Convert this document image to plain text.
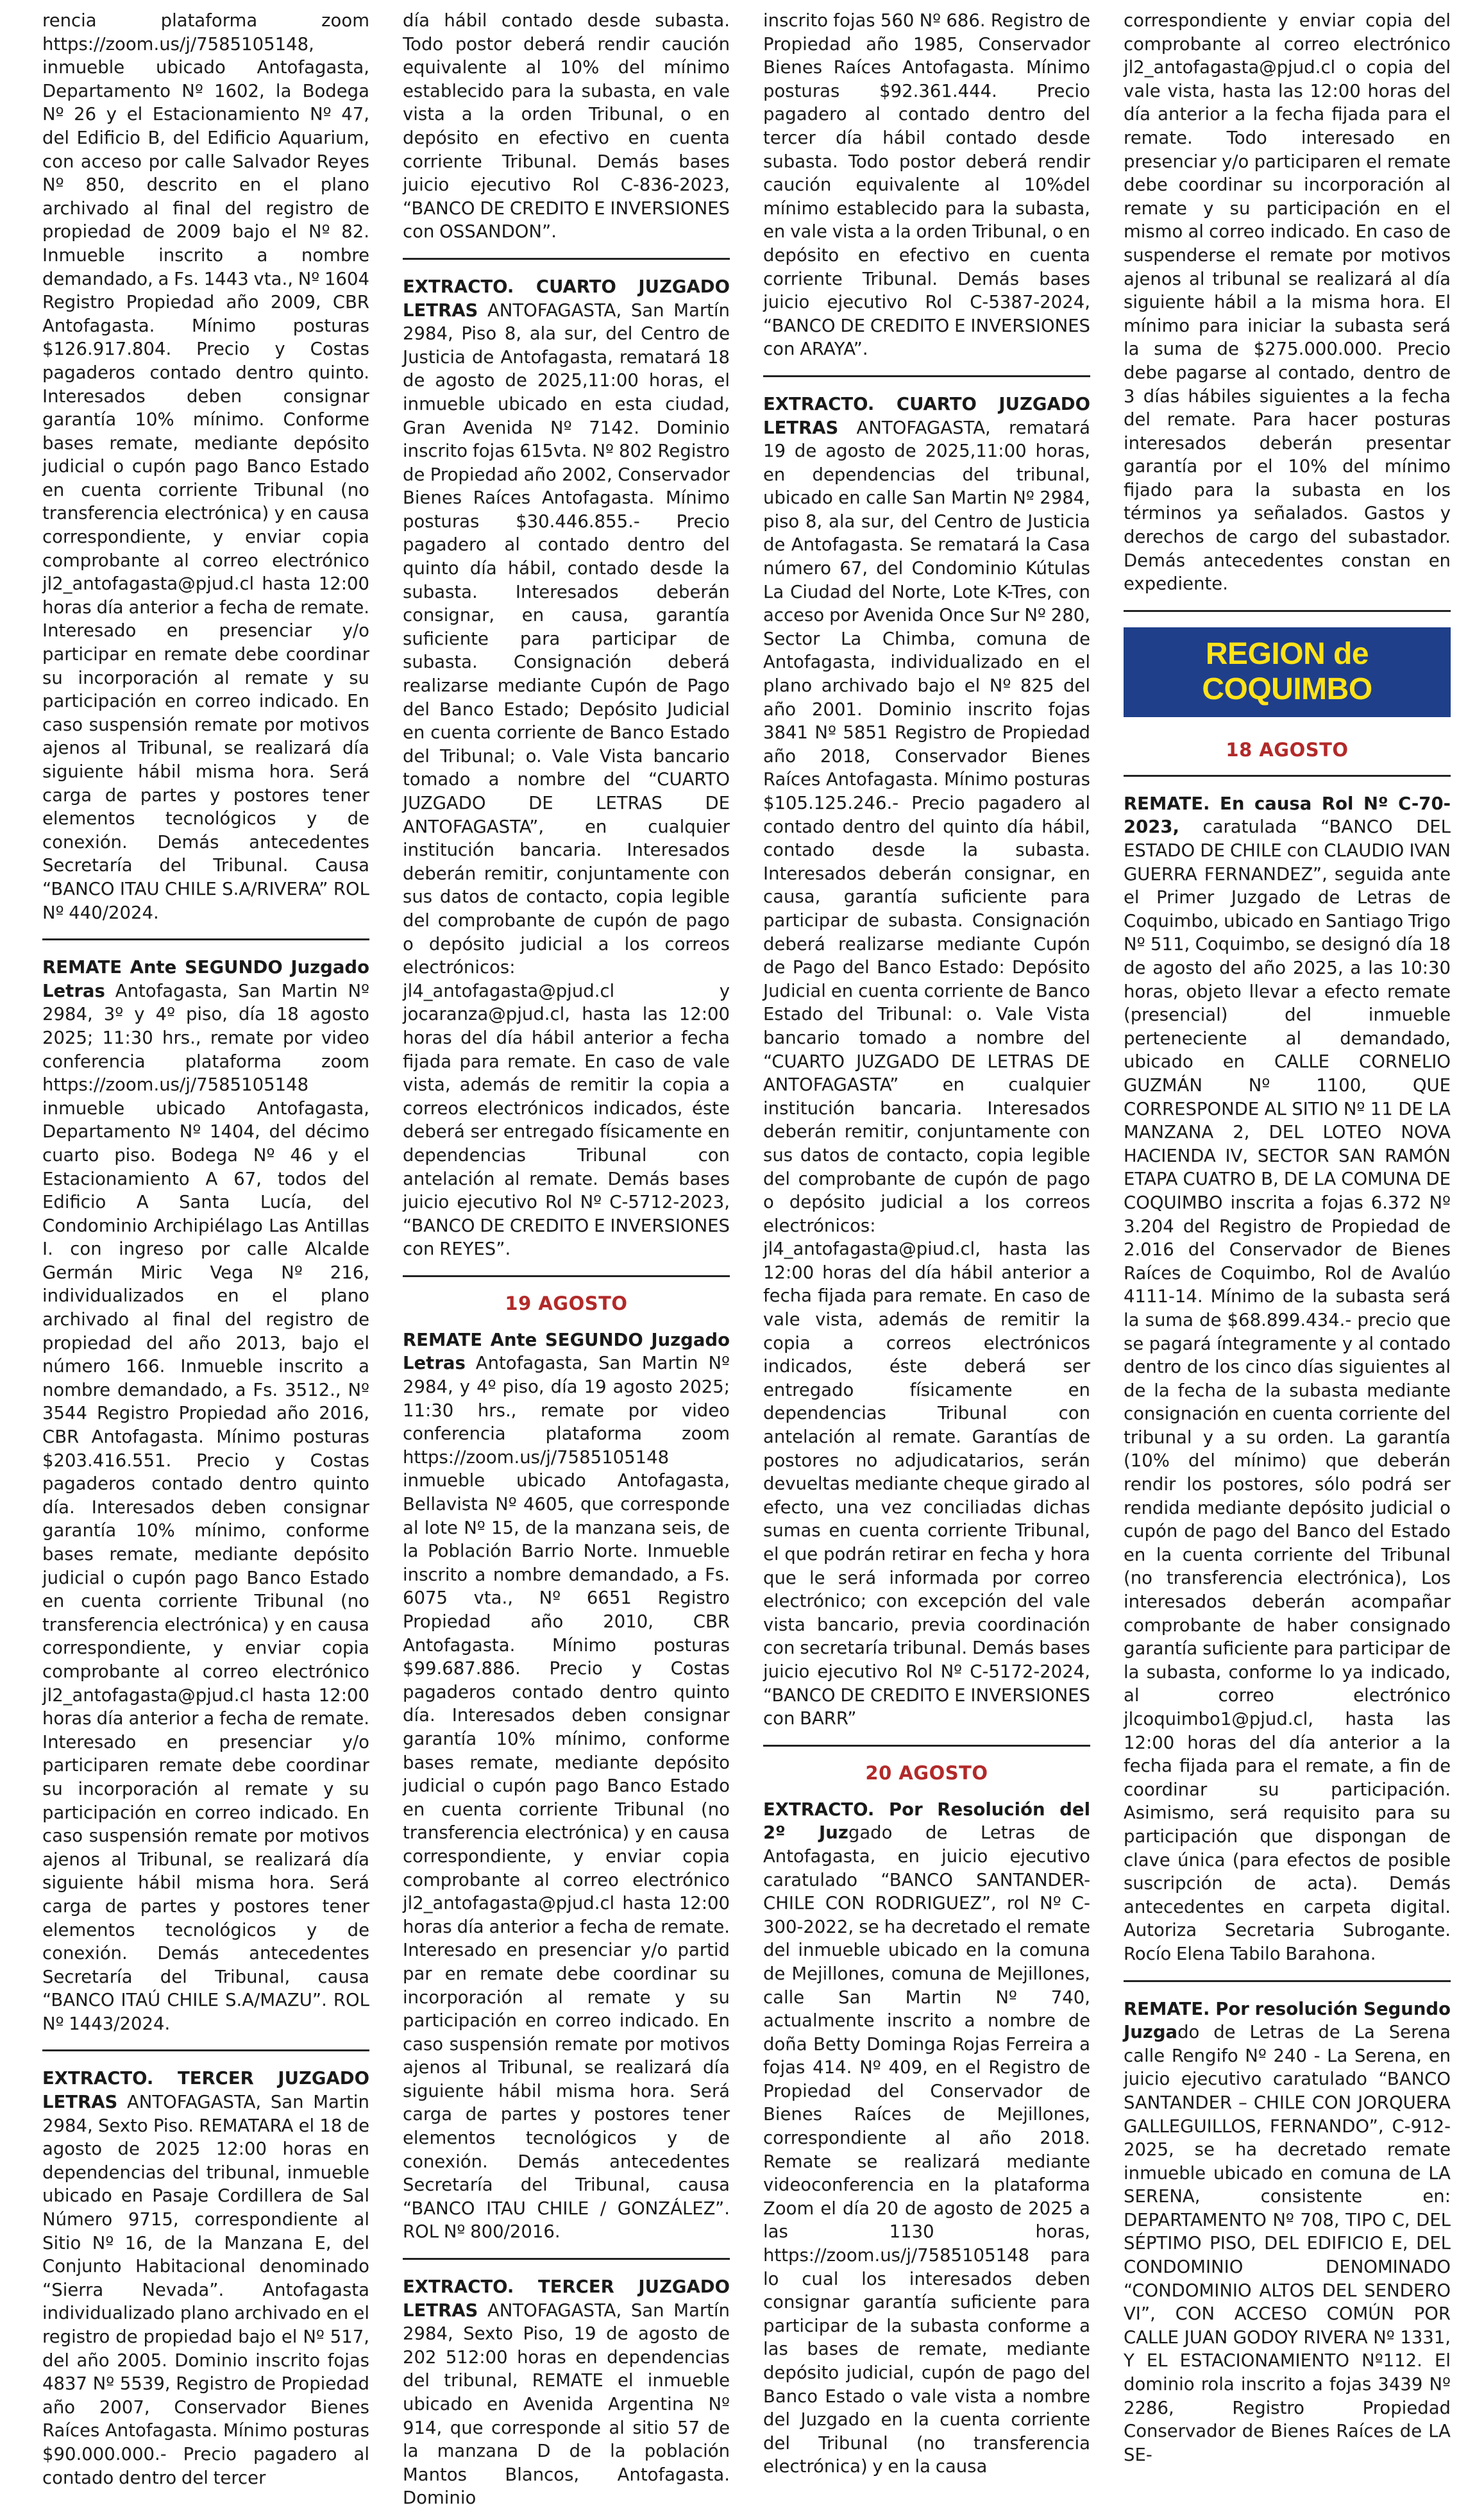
rencia plataforma zoom https://zoom.us/j/7585105148, inmueble ubicado Antofagasta, Departamento Nº 1602, la Bodega Nº 26 y el Estacionamiento Nº 47, del Edificio B, del Edificio Aquarium, con acceso por calle Salvador Reyes Nº 850, descrito en el plano archivado al final del registro de propiedad de 2009 bajo el Nº 82. Inmueble inscrito a nombre demandado, a Fs. 1443 vta., Nº 1604 Registro Propiedad año 2009, CBR Antofagasta. Mínimo posturas $126.917.804. Precio y Costas pagaderos contado dentro quinto. Interesados deben consignar garantía 10% mínimo. Conforme bases remate, mediante depósito judicial o cupón pago Banco Estado en cuenta corriente Tribunal (no transferencia electrónica) y en causa correspondiente, y enviar copia comprobante al correo electrónico jl2_antofagasta@pjud.cl hasta 12:00 horas día anterior a fecha de remate. Interesado en presenciar y/o participar en remate debe coordinar su incorporación al remate y su participación en correo indicado. En caso suspensión remate por motivos ajenos al Tribunal, se realizará día siguiente hábil misma hora. Será carga de partes y postores tener elementos tecnológicos y de conexión. Demás antecedentes Secretaría del Tribunal. Causa “BANCO ITAU CHILE S.A/RIVERA” ROL Nº 440/2024.

REMATE Ante SEGUNDO Juzgado Letras Antofagasta, San Martin Nº 2984, 3º y 4º piso, día 18 agosto 2025; 11:30 hrs., remate por video conferencia plataforma zoom https://zoom.us/j/7585105148 inmueble ubicado Antofagasta, Departamento Nº 1404, del décimo cuarto piso. Bodega Nº 46 y el Estacionamiento A 67, todos del Edificio A Santa Lucía, del Condominio Archipiélago Las Antillas I. con ingreso por calle Alcalde Germán Miric Vega Nº 216, individualizados en el plano archivado al final del registro de propiedad del año 2013, bajo el número 166. Inmueble inscrito a nombre demandado, a Fs. 3512., Nº 3544 Registro Propiedad año 2016, CBR Antofagasta. Mínimo posturas $203.416.551. Precio y Costas pagaderos contado dentro quinto día. Interesados deben consignar garantía 10% mínimo, conforme bases remate, mediante depósito judicial o cupón pago Banco Estado en cuenta corriente Tribunal (no transferencia electrónica) y en causa correspondiente, y enviar copia comprobante al correo electrónico jl2_antofagasta@pjud.cl hasta 12:00 horas día anterior a fecha de remate. Interesado en presenciar y/o participaren remate debe coordinar su incorporación al remate y su participación en correo indicado. En caso suspensión remate por motivos ajenos al Tribunal, se realizará día siguiente hábil misma hora. Será carga de partes y postores tener elementos tecnológicos y de conexión. Demás antecedentes Secretaría del Tribunal, causa “BANCO ITAÚ CHILE S.A/MAZU”. ROL Nº 1443/2024.

EXTRACTO. TERCER JUZGADO LETRAS ANTOFAGASTA, San Martin 2984, Sexto Piso. REMATARA el 18 de agosto de 2025 12:00 horas en dependencias del tribunal, inmueble ubicado en Pasaje Cordillera de Sal Número 9715, correspondiente al Sitio Nº 16, de la Manzana E, del Conjunto Habitacional denominado “Sierra Nevada”. Antofagasta individualizado plano archivado en el registro de propiedad bajo el Nº 517, del año 2005. Dominio inscrito fojas 4837 Nº 5539, Registro de Propiedad año 2007, Conservador Bienes Raíces Antofagasta. Mínimo posturas $90.000.000.- Precio pagadero al contado dentro del tercer

día hábil contado desde subasta. Todo postor deberá rendir caución equivalente al 10% del mínimo establecido para la subasta, en vale vista a la orden Tribunal, o en depósito en efectivo en cuenta corriente Tribunal. Demás bases juicio ejecutivo Rol C-836-2023, “BANCO DE CREDITO E INVERSIONES con OSSANDON”.

EXTRACTO. CUARTO JUZGADO LETRAS ANTOFAGASTA, San Martín 2984, Piso 8, ala sur, del Centro de Justicia de Antofagasta, rematará 18 de agosto de 2025,11:00 horas, el inmueble ubicado en esta ciudad, Gran Avenida Nº 7142. Dominio inscrito fojas 615vta. Nº 802 Registro de Propiedad año 2002, Conservador Bienes Raíces Antofagasta. Mínimo posturas $30.446.855.- Precio pagadero al contado dentro del quinto día hábil, contado desde la subasta. Interesados deberán consignar, en causa, garantía suficiente para participar de subasta. Consignación deberá realizarse mediante Cupón de Pago del Banco Estado; Depósito Judicial en cuenta corriente de Banco Estado del Tribunal; o. Vale Vista bancario tomado a nombre del “CUARTO JUZGADO DE LETRAS DE ANTOFAGASTA”, en cualquier institución bancaria. Interesados deberán remitir, conjuntamente con sus datos de contacto, copia legible del comprobante de cupón de pago o depósito judicial a los correos electrónicos: jl4_antofagasta@pjud.cl y jocaranza@pjud.cl, hasta las 12:00 horas del día hábil anterior a fecha fijada para remate. En caso de vale vista, además de remitir la copia a correos electrónicos indicados, éste deberá ser entregado físicamente en dependencias Tribunal con antelación al remate. Demás bases juicio ejecutivo Rol Nº C-5712-2023, “BANCO DE CREDITO E INVERSIONES con REYES”.

19 AGOSTO

REMATE Ante SEGUNDO Juzgado Letras Antofagasta, San Martin Nº 2984, y 4º piso, día 19 agosto 2025; 11:30 hrs., remate por video conferencia plataforma zoom https://zoom.us/j/7585105148 inmueble ubicado Antofagasta, Bellavista Nº 4605, que corresponde al lote Nº 15, de la manzana seis, de la Población Barrio Norte. Inmueble inscrito a nombre demandado, a Fs. 6075 vta., Nº 6651 Registro Propiedad año 2010, CBR Antofagasta. Mínimo posturas $99.687.886. Precio y Costas pagaderos contado dentro quinto día. Interesados deben consignar garantía 10% mínimo, conforme bases remate, mediante depósito judicial o cupón pago Banco Estado en cuenta corriente Tribunal (no transferencia electrónica) y en causa correspondiente, y enviar copia comprobante al correo electrónico jl2_antofagasta@pjud.cl hasta 12:00 horas día anterior a fecha de remate. Interesado en presenciar y/o partid par en remate debe coordinar su incorporación al remate y su participación en correo indicado. En caso suspensión remate por motivos ajenos al Tribunal, se realizará día siguiente hábil misma hora. Será carga de partes y postores tener elementos tecnológicos y de conexión. Demás antecedentes Secretaría del Tribunal, causa “BANCO ITAU CHILE / GONZÁLEZ”. ROL Nº 800/2016.

EXTRACTO. TERCER JUZGADO LETRAS ANTOFAGASTA, San Martín 2984, Sexto Piso, 19 de agosto de 202 512:00 horas en dependencias del tribunal, REMATE el inmueble ubicado en Avenida Argentina Nº 914, que corresponde al sitio 57 de la manzana D de la población Mantos Blancos, Antofagasta. Dominio

inscrito fojas 560 Nº 686. Registro de Propiedad año 1985, Conservador Bienes Raíces Antofagasta. Mínimo posturas $92.361.444. Precio pagadero al contado dentro del tercer día hábil contado desde subasta. Todo postor deberá rendir caución equivalente al 10%del mínimo establecido para la subasta, en vale vista a la orden Tribunal, o en depósito en efectivo en cuenta corriente Tribunal. Demás bases juicio ejecutivo Rol C-5387-2024, “BANCO DE CREDITO E INVERSIONES con ARAYA”.

EXTRACTO. CUARTO JUZGADO LETRAS ANTOFAGASTA, rematará 19 de agosto de 2025,11:00 horas, en dependencias del tribunal, ubicado en calle San Martin Nº 2984, piso 8, ala sur, del Centro de Justicia de Antofagasta. Se rematará la Casa número 67, del Condominio Kútulas La Ciudad del Norte, Lote K-Tres, con acceso por Avenida Once Sur Nº 280, Sector La Chimba, comuna de Antofagasta, individualizado en el plano archivado bajo el Nº 825 del año 2001. Dominio inscrito fojas 3841 Nº 5851 Registro de Propiedad año 2018, Conservador Bienes Raíces Antofagasta. Mínimo posturas $105.125.246.- Precio pagadero al contado dentro del quinto día hábil, contado desde la subasta. Interesados deberán consignar, en causa, garantía suficiente para participar de subasta. Consignación deberá realizarse mediante Cupón de Pago del Banco Estado: Depósito Judicial en cuenta corriente de Banco Estado del Tribunal: o. Vale Vista bancario tomado a nombre del “CUARTO JUZGADO DE LETRAS DE ANTOFAGASTA” en cualquier institución bancaria. Interesados deberán remitir, conjuntamente con sus datos de contacto, copia legible del comprobante de cupón de pago o depósito judicial a los correos electrónicos: jl4_antofagasta@piud.cl, hasta las 12:00 horas del día hábil anterior a fecha fijada para remate. En caso de vale vista, además de remitir la copia a correos electrónicos indicados, éste deberá ser entregado físicamente en dependencias Tribunal con antelación al remate. Garantías de postores no adjudicatarios, serán devueltas mediante cheque girado al efecto, una vez conciliadas dichas sumas en cuenta corriente Tribunal, el que podrán retirar en fecha y hora que le será informada por correo electrónico; con excepción del vale vista bancario, previa coordinación con secretaría tribunal. Demás bases juicio ejecutivo Rol Nº C-5172-2024, “BANCO DE CREDITO E INVERSIONES con BARR”

20 AGOSTO

EXTRACTO. Por Resolución del 2º Juzgado de Letras de Antofagasta, en juicio ejecutivo caratulado “BANCO SANTANDER-CHILE CON RODRIGUEZ”, rol Nº C-300-2022, se ha decretado el remate del inmueble ubicado en la comuna de Mejillones, comuna de Mejillones, calle San Martin Nº 740, actualmente inscrito a nombre de doña Betty Dominga Rojas Ferreira a fojas 414. Nº 409, en el Registro de Propiedad del Conservador de Bienes Raíces de Mejillones, correspondiente al año 2018. Remate se realizará mediante videoconferencia en la plataforma Zoom el día 20 de agosto de 2025 a las 1130 horas, https://zoom.us/j/7585105148 para lo cual los interesados deben consignar garantía suficiente para participar de la subasta conforme a las bases de remate, mediante depósito judicial, cupón de pago del Banco Estado o vale vista a nombre del Juzgado en la cuenta corriente del Tribunal (no transferencia electrónica) y en la causa

correspondiente y enviar copia del comprobante al correo electrónico jl2_antofagasta@pjud.cl o copia del vale vista, hasta las 12:00 horas del día anterior a la fecha fijada para el remate. Todo interesado en presenciar y/o participaren el remate debe coordinar su incorporación al remate y su participación en el mismo al correo indicado. En caso de suspenderse el remate por motivos ajenos al tribunal se realizará al día siguiente hábil a la misma hora. El mínimo para iniciar la subasta será la suma de $275.000.000. Precio debe pagarse al contado, dentro de 3 días hábiles siguientes a la fecha del remate. Para hacer posturas interesados deberán presentar garantía por el 10% del mínimo fijado para la subasta en los términos ya señalados. Gastos y derechos de cargo del subastador. Demás antecedentes constan en expediente.

REGION de COQUIMBO
18 AGOSTO

REMATE. En causa Rol Nº C-70-2023, caratulada “BANCO DEL ESTADO DE CHILE con CLAUDIO IVAN GUERRA FERNANDEZ”, seguida ante el Primer Juzgado de Letras de Coquimbo, ubicado en Santiago Trigo Nº 511, Coquimbo, se designó día 18 de agosto del año 2025, a las 10:30 horas, objeto llevar a efecto remate (presencial) del inmueble perteneciente al demandado, ubicado en CALLE CORNELIO GUZMÁN Nº 1100, QUE CORRESPONDE AL SITIO Nº 11 DE LA MANZANA 2, DEL LOTEO NOVA HACIENDA IV, SECTOR SAN RAMÓN ETAPA CUATRO B, DE LA COMUNA DE COQUIMBO inscrita a fojas 6.372 Nº 3.204 del Registro de Propiedad de 2.016 del Conservador de Bienes Raíces de Coquimbo, Rol de Avalúo 4111-14. Mínimo de la subasta será la suma de $68.899.434.- precio que se pagará íntegramente y al contado dentro de los cinco días siguientes al de la fecha de la subasta mediante consignación en cuenta corriente del tribunal y a su orden. La garantía (10% del mínimo) que deberán rendir los postores, sólo podrá ser rendida mediante depósito judicial o cupón de pago del Banco del Estado en la cuenta corriente del Tribunal (no transferencia electrónica), Los interesados deberán acompañar comprobante de haber consignado garantía suficiente para participar de la subasta, conforme lo ya indicado, al correo electrónico jlcoquimbo1@pjud.cl, hasta las 12:00 horas del día anterior a la fecha fijada para el remate, a fin de coordinar su participación. Asimismo, será requisito para su participación que dispongan de clave única (para efectos de posible suscripción de acta). Demás antecedentes en carpeta digital. Autoriza Secretaria Subrogante. Rocío Elena Tabilo Barahona.

REMATE. Por resolución Segundo Juzgado de Letras de La Serena calle Rengifo Nº 240 - La Serena, en juicio ejecutivo caratulado “BANCO SANTANDER – CHILE CON JORQUERA GALLEGUILLOS, FERNANDO”, C-912-2025, se ha decretado remate inmueble ubicado en comuna de LA SERENA, consistente en: DEPARTAMENTO Nº 708, TIPO C, DEL SÉPTIMO PISO, DEL EDIFICIO E, DEL CONDOMINIO DENOMINADO “CONDOMINIO ALTOS DEL SENDERO VI”, CON ACCESO COMÚN POR CALLE JUAN GODOY RIVERA Nº 1331, Y EL ESTACIONAMIENTO Nº112. El dominio rola inscrito a fojas 3439 Nº 2286, Registro Propiedad Conservador de Bienes Raíces de LA SE-
